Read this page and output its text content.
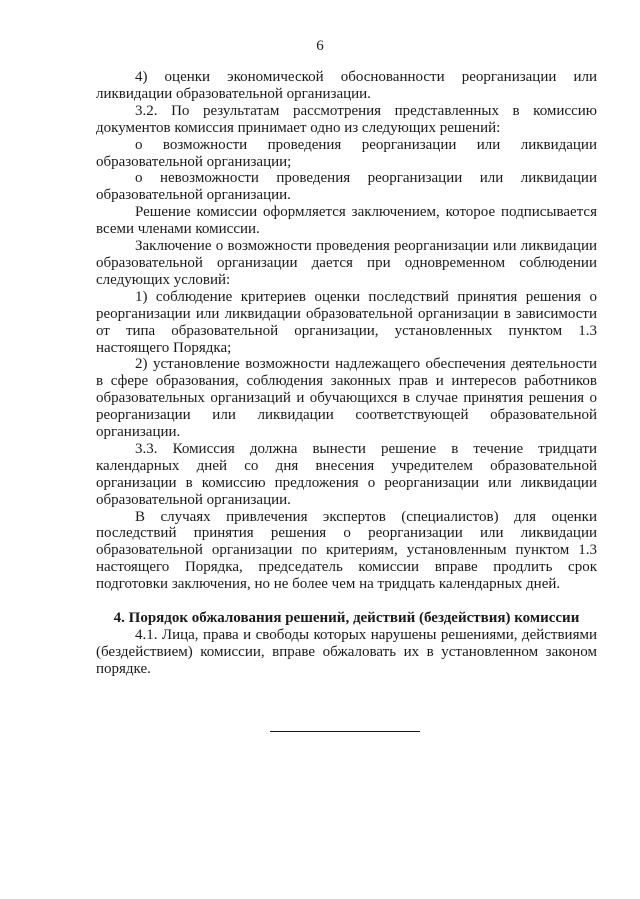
6

4) оценки экономической обоснованности реорганизации или ликвидации образовательной организации.

3.2. По результатам рассмотрения представленных в комиссию документов комиссия принимает одно из следующих решений:

о возможности проведения реорганизации или ликвидации образовательной организации;

о невозможности проведения реорганизации или ликвидации образовательной организации.

Решение комиссии оформляется заключением, которое подписывается всеми членами комиссии.

Заключение о возможности проведения реорганизации или ликвидации образовательной организации дается при одновременном соблюдении следующих условий:

1) соблюдение критериев оценки последствий принятия решения о реорганизации или ликвидации образовательной организации в зависимости от типа образовательной организации, установленных пунктом 1.3 настоящего Порядка;

2) установление возможности надлежащего обеспечения деятельности в сфере образования, соблюдения законных прав и интересов работников образовательных организаций и обучающихся в случае принятия решения о реорганизации или ликвидации соответствующей образовательной организации.

3.3. Комиссия должна вынести решение в течение тридцати календарных дней со дня внесения учредителем образовательной организации в комиссию предложения о реорганизации или ликвидации образовательной организации.

В случаях привлечения экспертов (специалистов) для оценки последствий принятия решения о реорганизации или ликвидации образовательной организации по критериям, установленным пунктом 1.3 настоящего Порядка, председатель комиссии вправе продлить срок подготовки заключения, но не более чем на тридцать календарных дней.

4. Порядок обжалования решений, действий (бездействия) комиссии

4.1. Лица, права и свободы которых нарушены решениями, действиями (бездействием) комиссии, вправе обжаловать их в установленном законом порядке.
